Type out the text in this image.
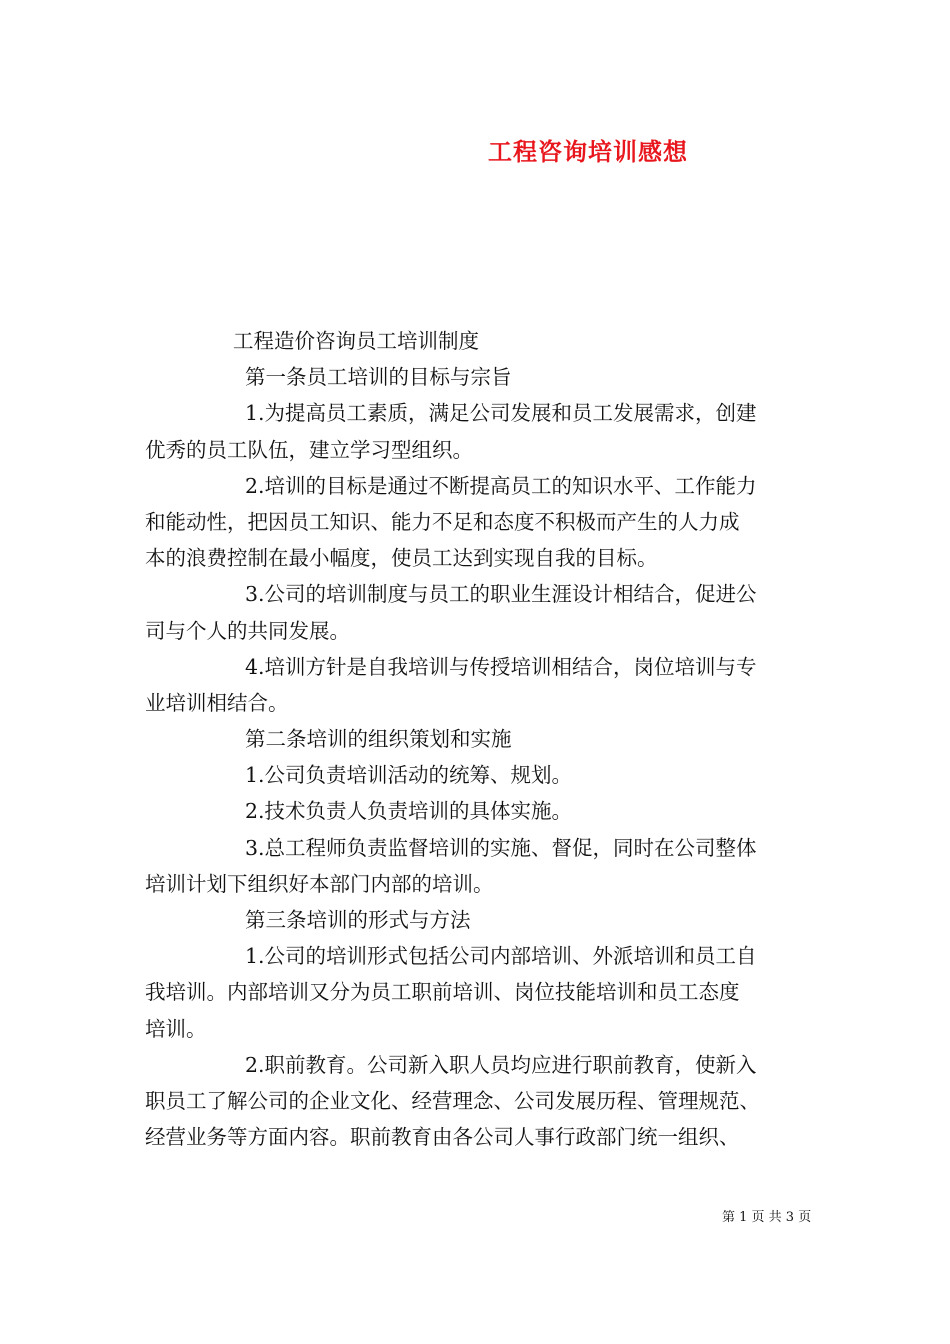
工程咨询培训感想
工程造价咨询员工培训制度
第一条员工培训的目标与宗旨
1.为提高员工素质，满足公司发展和员工发展需求，创建
优秀的员工队伍，建立学习型组织。
2.培训的目标是通过不断提高员工的知识水平、工作能力
和能动性，把因员工知识、能力不足和态度不积极而产生的人力成
本的浪费控制在最小幅度，使员工达到实现自我的目标。
3.公司的培训制度与员工的职业生涯设计相结合，促进公
司与个人的共同发展。
4.培训方针是自我培训与传授培训相结合，岗位培训与专
业培训相结合。
第二条培训的组织策划和实施
1.公司负责培训活动的统筹、规划。
2.技术负责人负责培训的具体实施。
3.总工程师负责监督培训的实施、督促，同时在公司整体
培训计划下组织好本部门内部的培训。
第三条培训的形式与方法
1.公司的培训形式包括公司内部培训、外派培训和员工自
我培训。内部培训又分为员工职前培训、岗位技能培训和员工态度
培训。
2.职前教育。公司新入职人员均应进行职前教育，使新入
职员工了解公司的企业文化、经营理念、公司发展历程、管理规范、
经营业务等方面内容。职前教育由各公司人事行政部门统一组织、
第 1 页 共 3 页
